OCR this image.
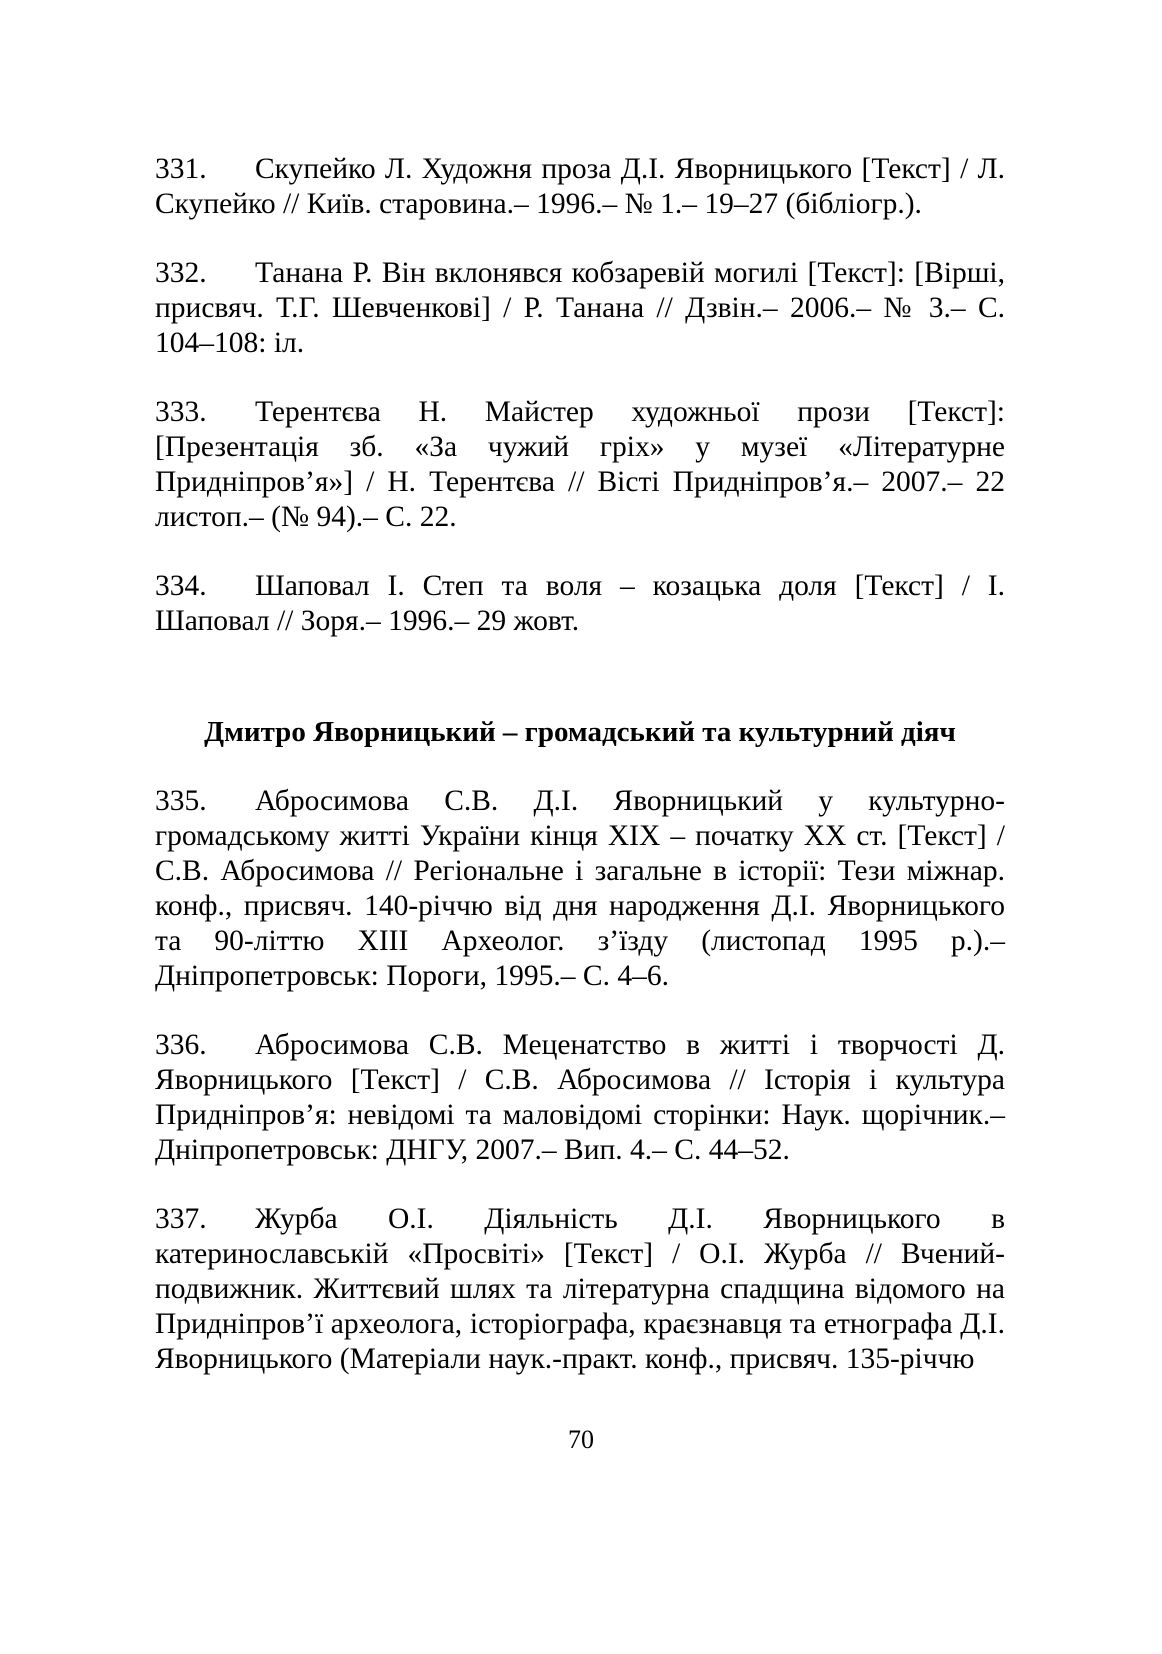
331. Скупейко Л. Художня проза Д.І. Яворницького [Текст] / Л. Скупейко // Київ. старовина.– 1996.– № 1.– 19–27 (бібліогр.).

332. Танана Р. Він вклонявся кобзаревій могилі [Текст]: [Вірші, присвяч. Т.Г. Шевченкові] / Р. Танана // Дзвін.– 2006.– № 3.– С. 104–108: іл.

333. Терентєва Н. Майстер художньої прози [Текст]: [Презентація зб. «За чужий гріх» у музеї «Літературне Придніпров’я»] / Н. Терентєва // Вісті Придніпров’я.– 2007.– 22 листоп.– (№ 94).– С. 22.

334. Шаповал І. Степ та воля – козацька доля [Текст] / І. Шаповал // Зоря.– 1996.– 29 жовт.

Дмитро Яворницький – громадський та культурний діяч

335. Абросимова С.В. Д.І. Яворницький у культурно-громадському житті України кінця ХІХ – початку ХХ ст. [Текст] / С.В. Абросимова // Регіональне і загальне в історії: Тези міжнар. конф., присвяч. 140-річчю від дня народження Д.І. Яворницького та 90-літтю ХІІІ Археолог. з’їзду (листопад 1995 р.).– Дніпропетровськ: Пороги, 1995.– С. 4–6.

336. Абросимова С.В. Меценатство в житті і творчості Д. Яворницького [Текст] / С.В. Абросимова // Історія і культура Придніпров’я: невідомі та маловідомі сторінки: Наук. щорічник.– Дніпропетровськ: ДНГУ, 2007.– Вип. 4.– С. 44–52.

337. Журба О.І. Діяльність Д.І. Яворницького в катеринославській «Просвіті» [Текст] / О.І. Журба // Вчений-подвижник. Життєвий шлях та літературна спадщина відомого на Придніпров’ї археолога, історіографа, краєзнавця та етнографа Д.І. Яворницького (Матеріали наук.-практ. конф., присвяч. 135-річчю

70
